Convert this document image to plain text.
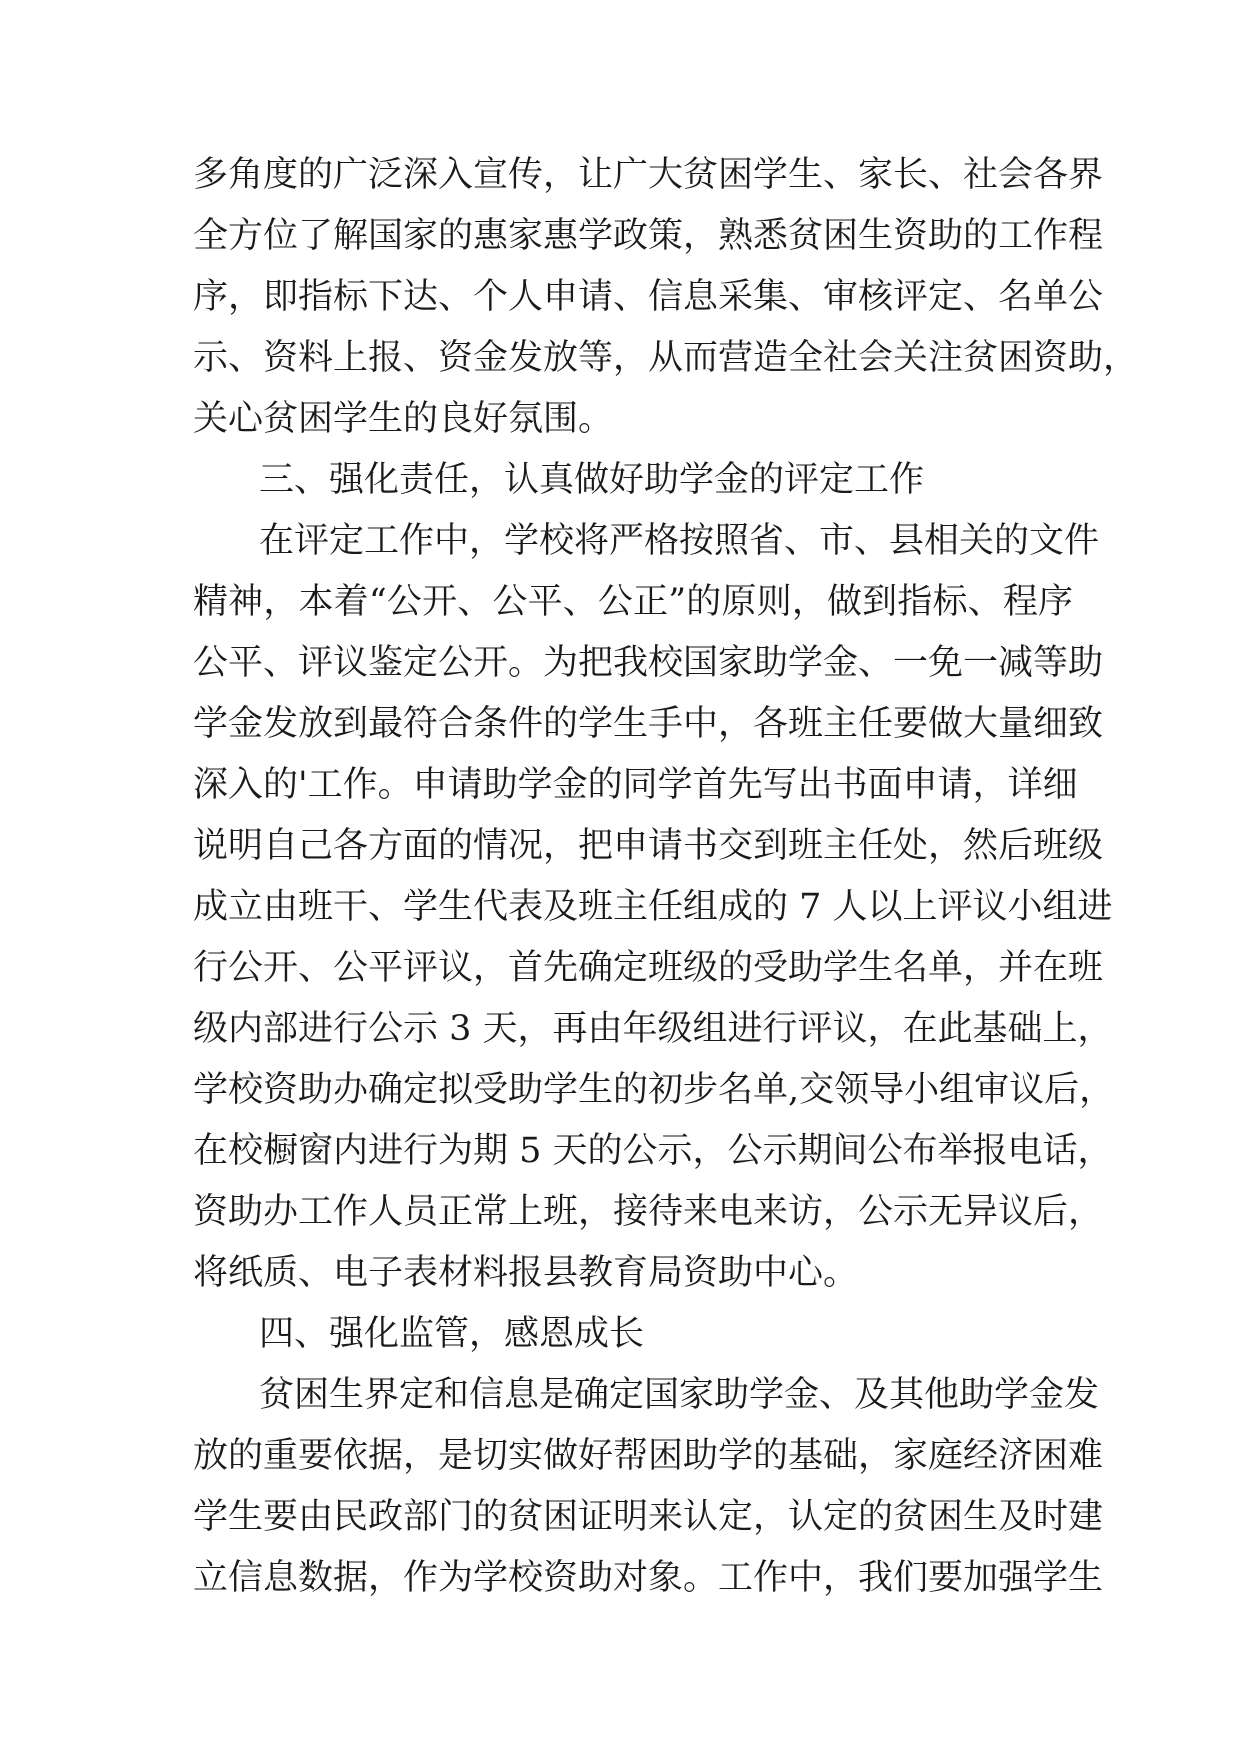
多角度的广泛深入宣传，让广大贫困学生、家长、社会各界
全方位了解国家的惠家惠学政策，熟悉贫困生资助的工作程
序，即指标下达、个人申请、信息采集、审核评定、名单公
示、资料上报、资金发放等，从而营造全社会关注贫困资助，
关心贫困学生的良好氛围。
三、强化责任，认真做好助学金的评定工作
在评定工作中，学校将严格按照省、市、县相关的文件
精神，本着“公开、公平、公正”的原则，做到指标、程序
公平、评议鉴定公开。为把我校国家助学金、一免一减等助
学金发放到最符合条件的学生手中，各班主任要做大量细致
深入的'工作。申请助学金的同学首先写出书面申请，详细
说明自己各方面的情况，把申请书交到班主任处，然后班级
成立由班干、学生代表及班主任组成的 7 人以上评议小组进
行公开、公平评议，首先确定班级的受助学生名单，并在班
级内部进行公示 3 天，再由年级组进行评议，在此基础上，
学校资助办确定拟受助学生的初步名单,交领导小组审议后，
在校橱窗内进行为期 5 天的公示，公示期间公布举报电话，
资助办工作人员正常上班，接待来电来访，公示无异议后，
将纸质、电子表材料报县教育局资助中心。
四、强化监管，感恩成长
贫困生界定和信息是确定国家助学金、及其他助学金发
放的重要依据，是切实做好帮困助学的基础，家庭经济困难
学生要由民政部门的贫困证明来认定，认定的贫困生及时建
立信息数据，作为学校资助对象。工作中，我们要加强学生
